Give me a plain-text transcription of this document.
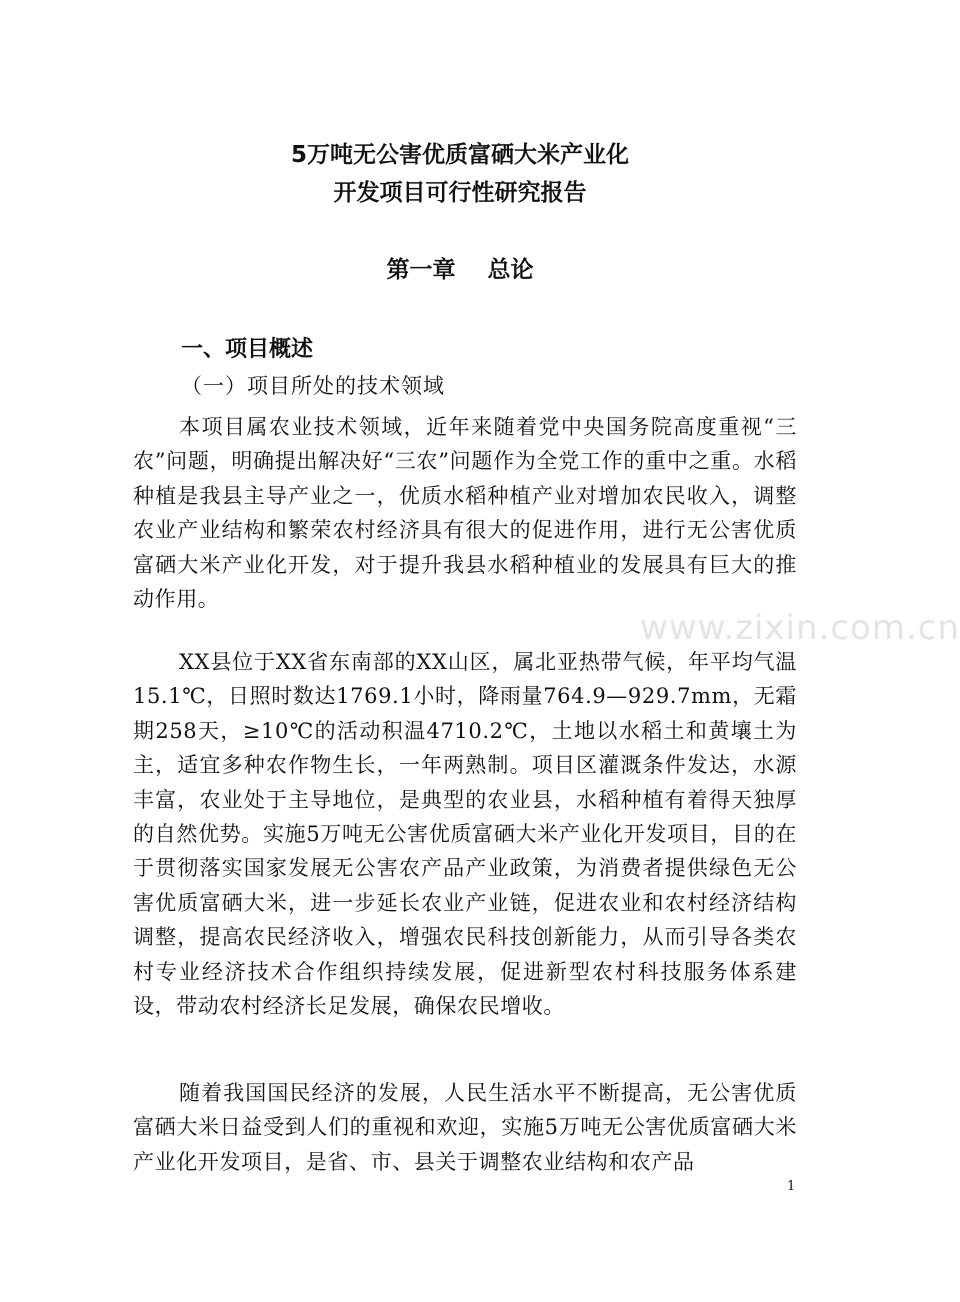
5万吨无公害优质富硒大米产业化

开发项目可行性研究报告

第一章    总论

一、项目概述

（一）项目所处的技术领域

本项目属农业技术领域，近年来随着党中央国务院高度重视“三农”问题，明确提出解决好“三农”问题作为全党工作的重中之重。水稻种植是我县主导产业之一，优质水稻种植产业对增加农民收入，调整农业产业结构和繁荣农村经济具有很大的促进作用，进行无公害优质富硒大米产业化开发，对于提升我县水稻种植业的发展具有巨大的推动作用。

XX县位于XX省东南部的XX山区，属北亚热带气候，年平均气温15.1℃，日照时数达1769.1小时，降雨量764.9—929.7mm，无霜期258天，≥10℃的活动积温4710.2℃，土地以水稻土和黄壤土为主，适宜多种农作物生长，一年两熟制。项目区灌溉条件发达，水源丰富，农业处于主导地位，是典型的农业县，水稻种植有着得天独厚的自然优势。实施5万吨无公害优质富硒大米产业化开发项目，目的在于贯彻落实国家发展无公害农产品产业政策，为消费者提供绿色无公害优质富硒大米，进一步延长农业产业链，促进农业和农村经济结构调整，提高农民经济收入，增强农民科技创新能力，从而引导各类农村专业经济技术合作组织持续发展，促进新型农村科技服务体系建设，带动农村经济长足发展，确保农民增收。

随着我国国民经济的发展，人民生活水平不断提高，无公害优质富硒大米日益受到人们的重视和欢迎，实施5万吨无公害优质富硒大米产业化开发项目，是省、市、县关于调整农业结构和农产品

www.zixin.com.cn

1
